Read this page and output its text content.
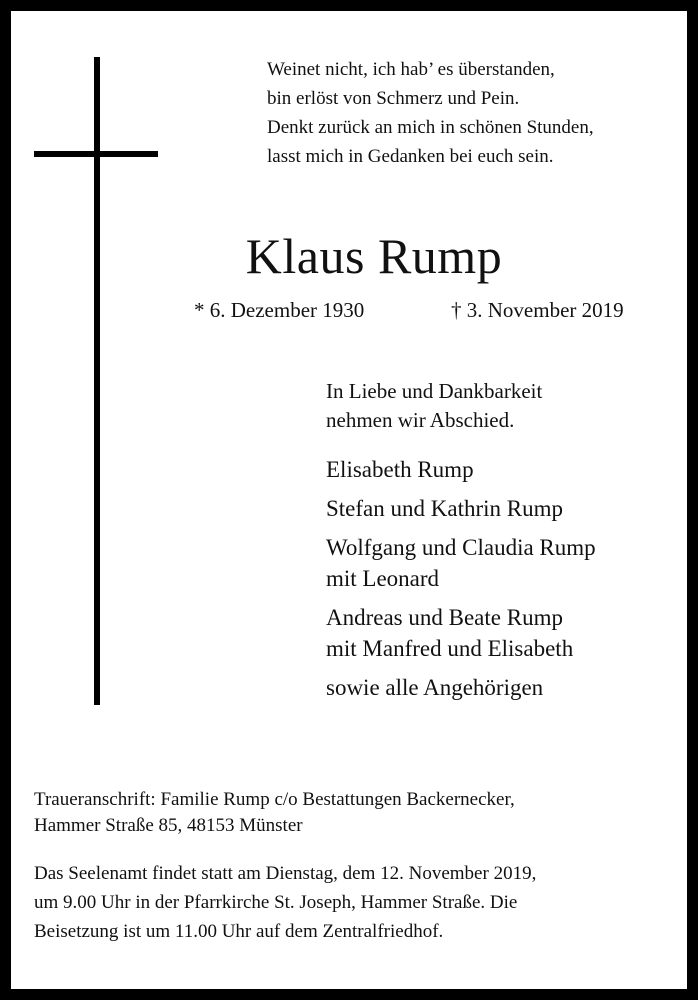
Weinet nicht, ich hab’ es überstanden,
bin erlöst von Schmerz und Pein.
Denkt zurück an mich in schönen Stunden,
lasst mich in Gedanken bei euch sein.
Klaus Rump
* 6. Dezember 1930	† 3. November 2019
In Liebe und Dankbarkeit
nehmen wir Abschied.
Elisabeth Rump
Stefan und Kathrin Rump
Wolfgang und Claudia Rump
mit Leonard
Andreas und Beate Rump
mit Manfred und Elisabeth
sowie alle Angehörigen
Traueranschrift: Familie Rump c/o Bestattungen Backernecker,
Hammer Straße 85, 48153 Münster
Das Seelenamt findet statt am Dienstag, dem 12. November 2019,
um 9.00 Uhr in der Pfarrkirche St. Joseph, Hammer Straße. Die
Beisetzung ist um 11.00 Uhr auf dem Zentralfriedhof.
